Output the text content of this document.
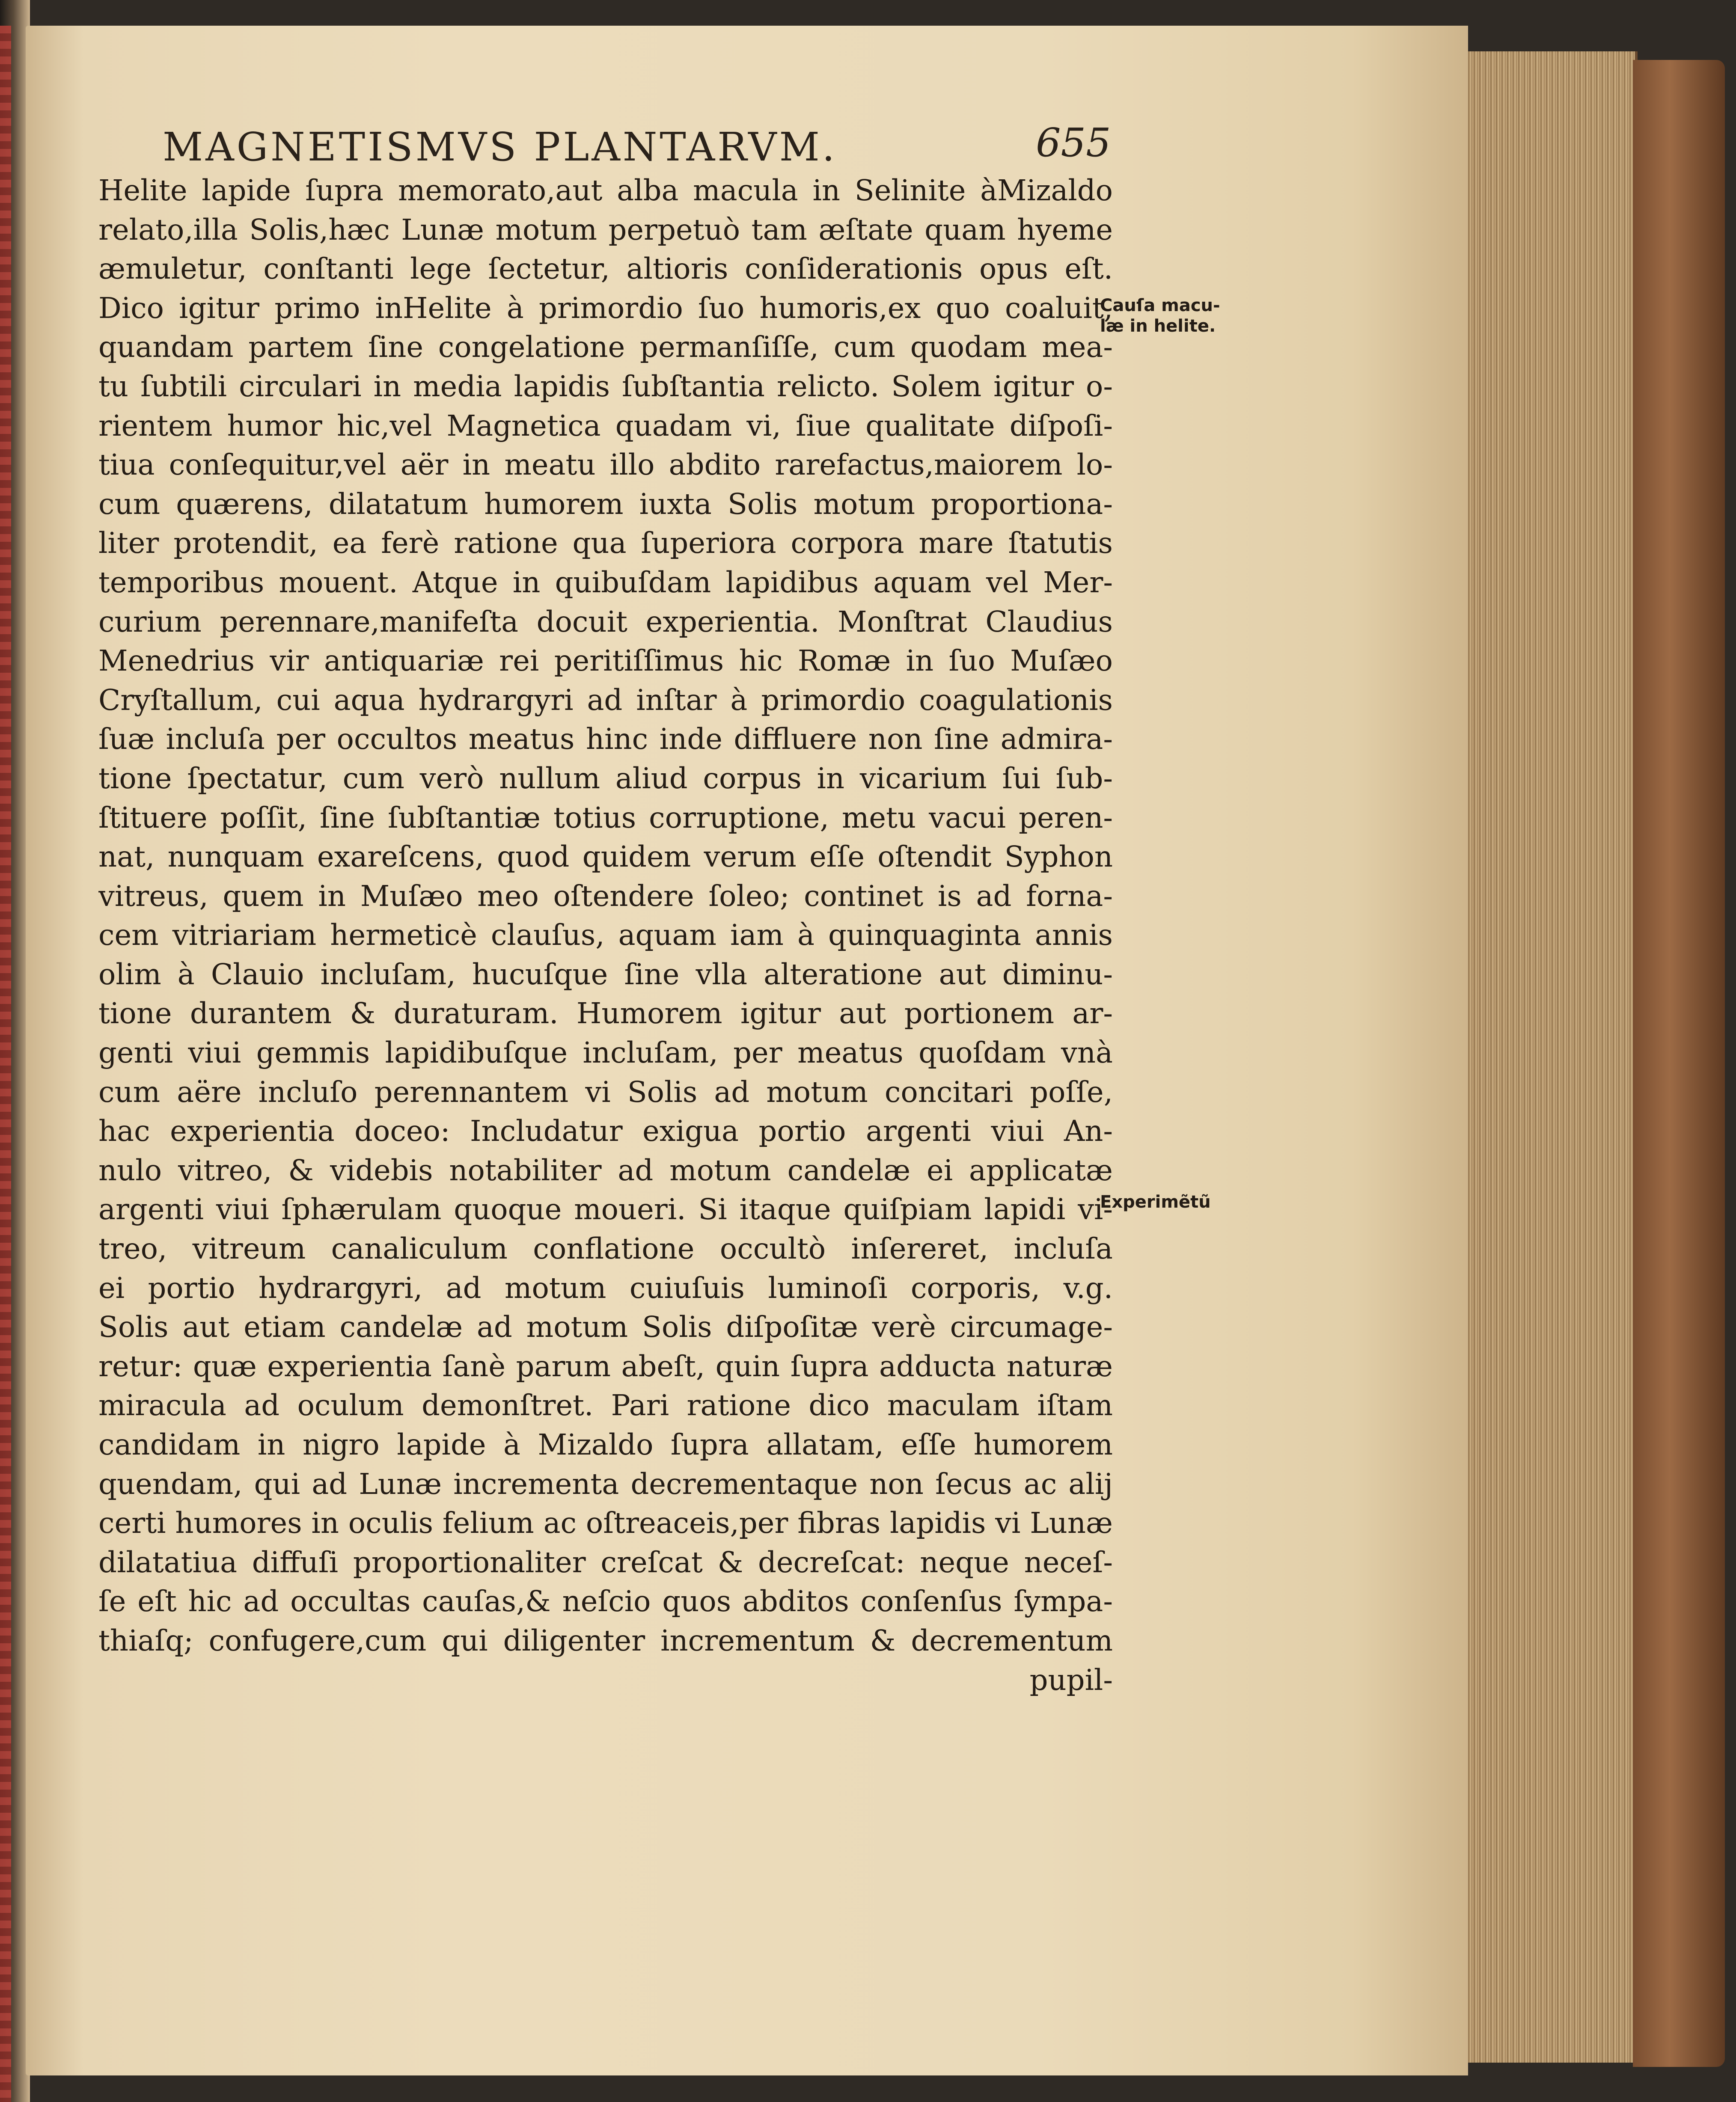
MAGNETISMVS PLANTARVM.	655
Cauſa macu-
læ in helite.
Experimẽtũ
Helite lapide ſupra memorato,aut alba macula in Selinite àMizaldo
relato,illa Solis,hæc Lunæ motum perpetuò tam æſtate quam hyeme
æmuletur, conſtanti lege ſectetur, altioris conſiderationis opus eſt.
Dico igitur primo inHelite à primordio ſuo humoris,ex quo coaluit,
quandam partem ſine congelatione permanſiſſe, cum quodam mea-
tu ſubtili circulari in media lapidis ſubſtantia relicto. Solem igitur o-
rientem humor hic,vel Magnetica quadam vi, ſiue qualitate diſpoſi-
tiua conſequitur,vel aër in meatu illo abdito rarefactus,maiorem lo-
cum quærens, dilatatum humorem iuxta Solis motum proportiona-
liter protendit, ea ferè ratione qua ſuperiora corpora mare ſtatutis
temporibus mouent. Atque in quibuſdam lapidibus aquam vel Mer-
curium perennare,manifeſta docuit experientia. Monſtrat Claudius
Menedrius vir antiquariæ rei peritiſſimus hic Romæ in ſuo Muſæo
Cryſtallum, cui aqua hydrargyri ad inſtar à primordio coagulationis
ſuæ incluſa per occultos meatus hinc inde diffluere non ſine admira-
tione ſpectatur, cum verò nullum aliud corpus in vicarium ſui ſub-
ſtituere poſſit, ſine ſubſtantiæ totius corruptione, metu vacui peren-
nat, nunquam exareſcens, quod quidem verum eſſe oſtendit Syphon
vitreus, quem in Muſæo meo oſtendere ſoleo; continet is ad forna-
cem vitriariam hermeticè clauſus, aquam iam à quinquaginta annis
olim à Clauio incluſam, hucuſque ſine vlla alteratione aut diminu-
tione durantem & duraturam. Humorem igitur aut portionem ar-
genti viui gemmis lapidibuſque incluſam, per meatus quoſdam vnà
cum aëre incluſo perennantem vi Solis ad motum concitari poſſe,
hac experientia doceo: Includatur exigua portio argenti viui An-
nulo vitreo, & videbis notabiliter ad motum candelæ ei applicatæ
argenti viui ſphærulam quoque moueri. Si itaque quiſpiam lapidi vi-
treo, vitreum canaliculum conflatione occultò inſereret, incluſa
ei portio hydrargyri, ad motum cuiuſuis luminoſi corporis, v.g.
Solis aut etiam candelæ ad motum Solis diſpoſitæ verè circumage-
retur: quæ experientia ſanè parum abeſt, quin ſupra adducta naturæ
miracula ad oculum demonſtret. Pari ratione dico maculam iſtam
candidam in nigro lapide à Mizaldo ſupra allatam, eſſe humorem
quendam, qui ad Lunæ incrementa decrementaque non ſecus ac alij
certi humores in oculis felium ac oſtreaceis,per fibras lapidis vi Lunæ
dilatatiua diffuſi proportionaliter creſcat & decreſcat: neque neceſ-
ſe eſt hic ad occultas cauſas,& neſcio quos abditos conſenſus ſympa-
thiaſq; confugere,cum qui diligenter incrementum & decrementum
pupil-
